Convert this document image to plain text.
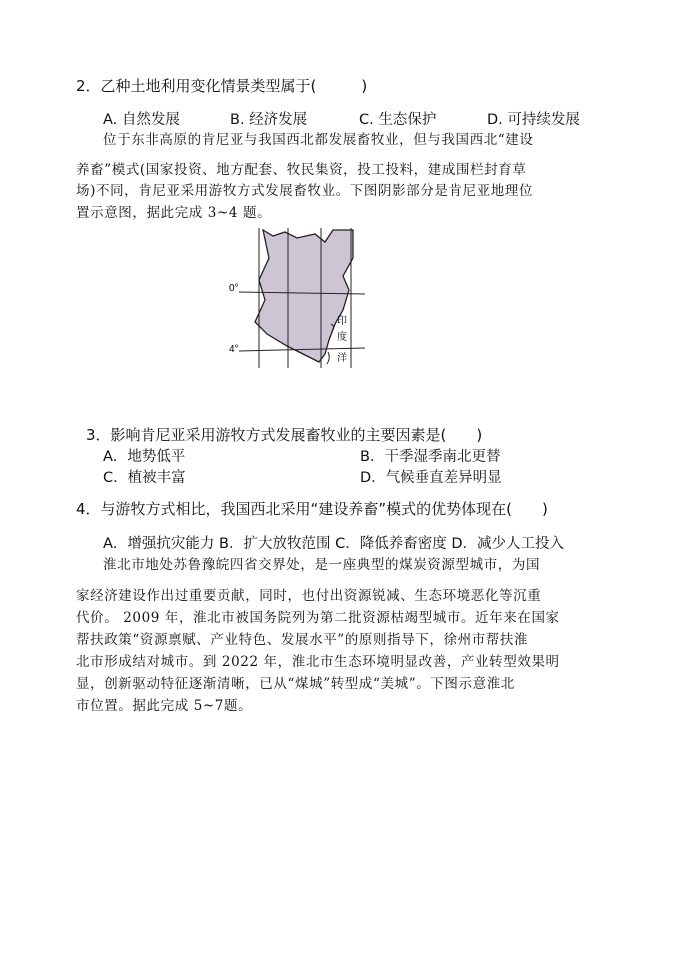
2．乙种土地利用变化情景类型属于(　　　)
A. 自然发展	B. 经济发展	C. 生态保护	D. 可持续发展
位于东非高原的肯尼亚与我国西北都发展畜牧业，但与我国西北“建设
养畜”模式(国家投资、地方配套、牧民集资，投工投料，建成围栏封育草
场)不同，肯尼亚采用游牧方式发展畜牧业。下图阴影部分是肯尼亚地理位
置示意图，据此完成 3~4 题。
0°
4°
印
度
洋
3．影响肯尼亚采用游牧方式发展畜牧业的主要因素是(　　)
A．地势低平	B．干季湿季南北更替
C．植被丰富	D．气候垂直差异明显
4．与游牧方式相比，我国西北采用“建设养畜”模式的优势体现在(　　)
A．增强抗灾能力 B．扩大放牧范围 C．降低养畜密度 D．减少人工投入
淮北市地处苏鲁豫皖四省交界处，是一座典型的煤炭资源型城市，为国
家经济建设作出过重要贡献，同时，也付出资源锐减、生态环境恶化等沉重
代价。 2009 年，淮北市被国务院列为第二批资源枯竭型城市。近年来在国家
帮扶政策“资源禀赋、产业特色、发展水平”的原则指导下，徐州市帮扶淮
北市形成结对城市。到 2022 年，淮北市生态环境明显改善，产业转型效果明
显，创新驱动特征逐渐清晰，已从“煤城”转型成“美城”。下图示意淮北
市位置。据此完成 5~7题。
